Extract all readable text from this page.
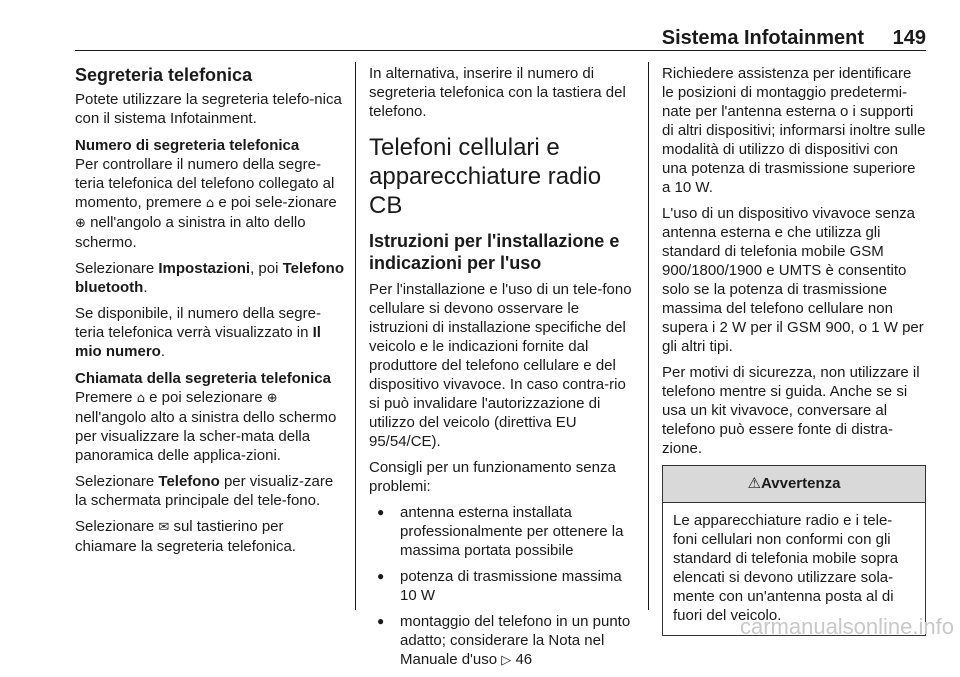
Sistema Infotainment 149
Segreteria telefonica

Potete utilizzare la segreteria telefo-nica con il sistema Infotainment.

Numero di segreteria telefonica

Per controllare il numero della segre-teria telefonica del telefono collegato al momento, premere ⌂ e poi sele-zionare ⊕ nell'angolo a sinistra in alto dello schermo.

Selezionare Impostazioni, poi Telefono bluetooth.

Se disponibile, il numero della segre-teria telefonica verrà visualizzato in Il mio numero.

Chiamata della segreteria telefonica

Premere ⌂ e poi selezionare ⊕ nell'angolo alto a sinistra dello schermo per visualizzare la scher-mata della panoramica delle applica-zioni.

Selezionare Telefono per visualiz-zare la schermata principale del tele-fono.

Selezionare ✉ sul tastierino per chiamare la segreteria telefonica.

In alternativa, inserire il numero di segreteria telefonica con la tastiera del telefono.

Telefoni cellulari e apparecchiature radio CB
Istruzioni per l'installazione e indicazioni per l'uso

Per l'installazione e l'uso di un tele-fono cellulare si devono osservare le istruzioni di installazione specifiche del veicolo e le indicazioni fornite dal produttore del telefono cellulare e del dispositivo vivavoce. In caso contra-rio si può invalidare l'autorizzazione di utilizzo del veicolo (direttiva EU 95/54/CE).

Consigli per un funzionamento senza problemi:

● antenna esterna installata professionalmente per ottenere la massima portata possibile
● potenza di trasmissione massima 10 W
● montaggio del telefono in un punto adatto; considerare la Nota nel Manuale d'uso ▷ 46

Richiedere assistenza per identificare le posizioni di montaggio predetermi-nate per l'antenna esterna o i supporti di altri dispositivi; informarsi inoltre sulle modalità di utilizzo di dispositivi con una potenza di trasmissione superiore a 10 W.

L'uso di un dispositivo vivavoce senza antenna esterna e che utilizza gli standard di telefonia mobile GSM 900/1800/1900 e UMTS è consentito solo se la potenza di trasmissione massima del telefono cellulare non supera i 2 W per il GSM 900, o 1 W per gli altri tipi.

Per motivi di sicurezza, non utilizzare il telefono mentre si guida. Anche se si usa un kit vivavoce, conversare al telefono può essere fonte di distra-zione.

⚠Avvertenza

Le apparecchiature radio e i tele-foni cellulari non conformi con gli standard di telefonia mobile sopra elencati si devono utilizzare sola-mente con un'antenna posta al di fuori del veicolo.

carmanualsonline.info
